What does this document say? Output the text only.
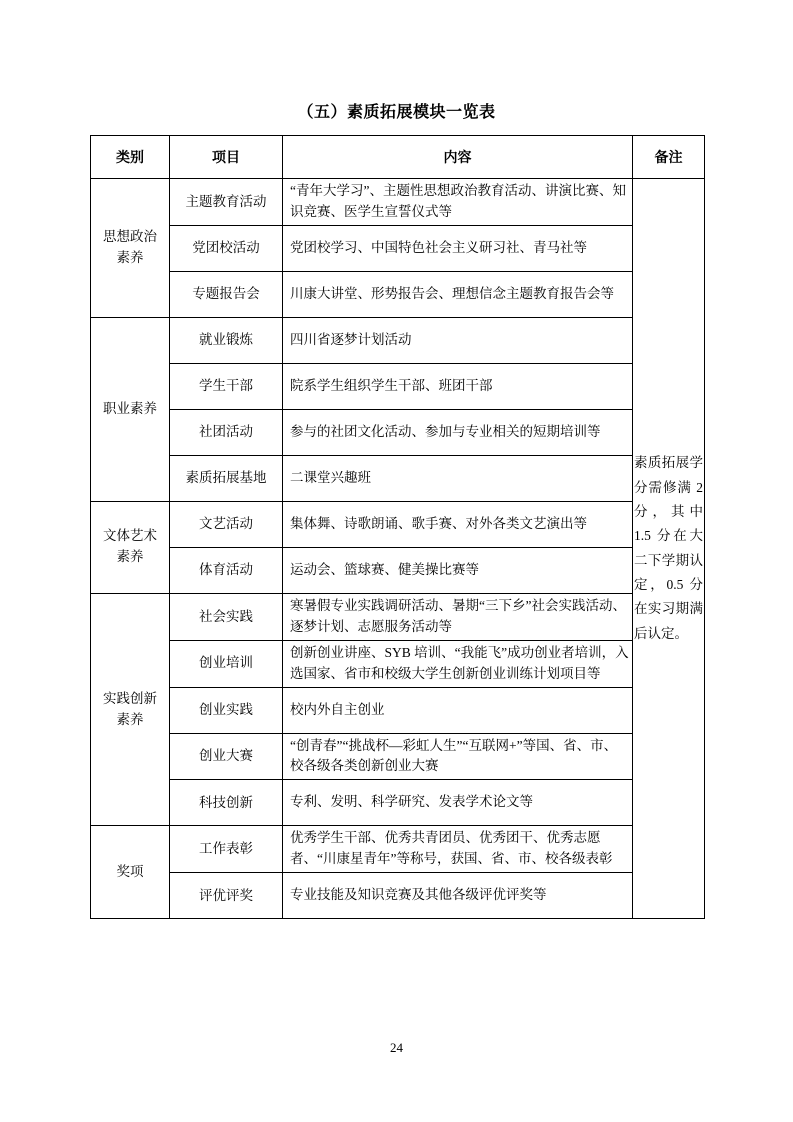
（五）素质拓展模块一览表
类别	项目	内容	备注
思想政治素养	主题教育活动	“青年大学习”、主题性思想政治教育活动、讲演比赛、知识竞赛、医学生宣誓仪式等	素质拓展学分需修满 2 分，其中 1.5 分在大二下学期认定，0.5 分在实习期满后认定。
	党团校活动	党团校学习、中国特色社会主义研习社、青马社等	
	专题报告会	川康大讲堂、形势报告会、理想信念主题教育报告会等	
职业素养	就业锻炼	四川省逐梦计划活动	
	学生干部	院系学生组织学生干部、班团干部	
	社团活动	参与的社团文化活动、参加与专业相关的短期培训等	
	素质拓展基地	二课堂兴趣班	
文体艺术素养	文艺活动	集体舞、诗歌朗诵、歌手赛、对外各类文艺演出等	
	体育活动	运动会、篮球赛、健美操比赛等	
实践创新素养	社会实践	寒暑假专业实践调研活动、暑期“三下乡”社会实践活动、逐梦计划、志愿服务活动等	
	创业培训	创新创业讲座、SYB 培训、“我能飞”成功创业者培训，入选国家、省市和校级大学生创新创业训练计划项目等	
	创业实践	校内外自主创业	
	创业大赛	“创青春”“挑战杯—彩虹人生”“互联网+”等国、省、市、校各级各类创新创业大赛	
	科技创新	专利、发明、科学研究、发表学术论文等	
奖项	工作表彰	优秀学生干部、优秀共青团员、优秀团干、优秀志愿者、“川康星青年”等称号，获国、省、市、校各级表彰	
	评优评奖	专业技能及知识竞赛及其他各级评优评奖等	
24
